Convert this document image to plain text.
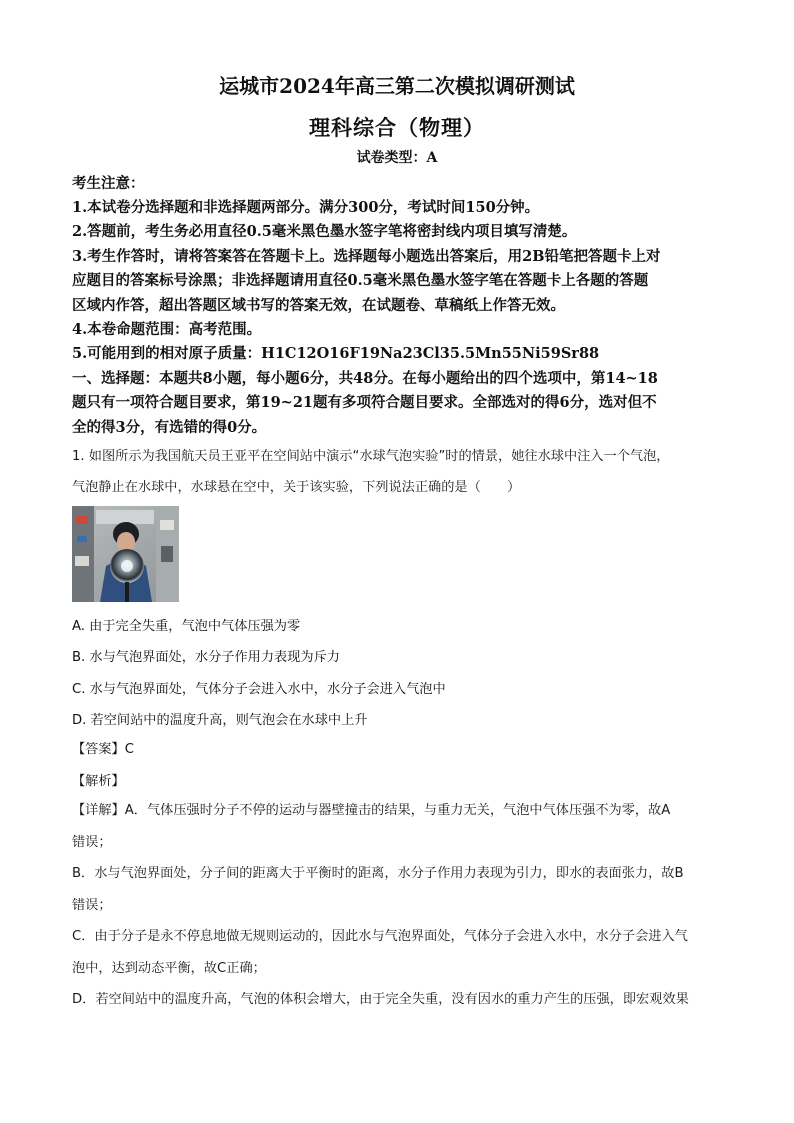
运城市2024年高三第二次模拟调研测试
理科综合（物理）
试卷类型：A
考生注意：
1.本试卷分选择题和非选择题两部分。满分300分，考试时间150分钟。
2.答题前，考生务必用直径0.5毫米黑色墨水签字笔将密封线内项目填写清楚。
3.考生作答时，请将答案答在答题卡上。选择题每小题选出答案后，用2B铅笔把答题卡上对
应题目的答案标号涂黑；非选择题请用直径0.5毫米黑色墨水签字笔在答题卡上各题的答题
区域内作答，超出答题区域书写的答案无效，在试题卷、草稿纸上作答无效。
4.本卷命题范围：高考范围。
5.可能用到的相对原子质量：H1C12O16F19Na23Cl35.5Mn55Ni59Sr88
一、选择题：本题共8小题，每小题6分，共48分。在每小题给出的四个选项中，第14~18
题只有一项符合题目要求，第19~21题有多项符合题目要求。全部选对的得6分，选对但不
全的得3分，有选错的得0分。
1. 如图所示为我国航天员王亚平在空间站中演示“水球气泡实验”时的情景，她往水球中注入一个气泡，
气泡静止在水球中，水球悬在空中，关于该实验，下列说法正确的是（　　）
A. 由于完全失重，气泡中气体压强为零
B. 水与气泡界面处，水分子作用力表现为斥力
C. 水与气泡界面处，气体分子会进入水中，水分子会进入气泡中
D. 若空间站中的温度升高，则气泡会在水球中上升
【答案】C
【解析】
【详解】A．气体压强时分子不停的运动与器壁撞击的结果，与重力无关，气泡中气体压强不为零，故A
错误；
B．水与气泡界面处，分子间的距离大于平衡时的距离，水分子作用力表现为引力，即水的表面张力，故B
错误；
C．由于分子是永不停息地做无规则运动的，因此水与气泡界面处，气体分子会进入水中，水分子会进入气
泡中，达到动态平衡，故C正确；
D．若空间站中的温度升高，气泡的体积会增大，由于完全失重，没有因水的重力产生的压强，即宏观效果
